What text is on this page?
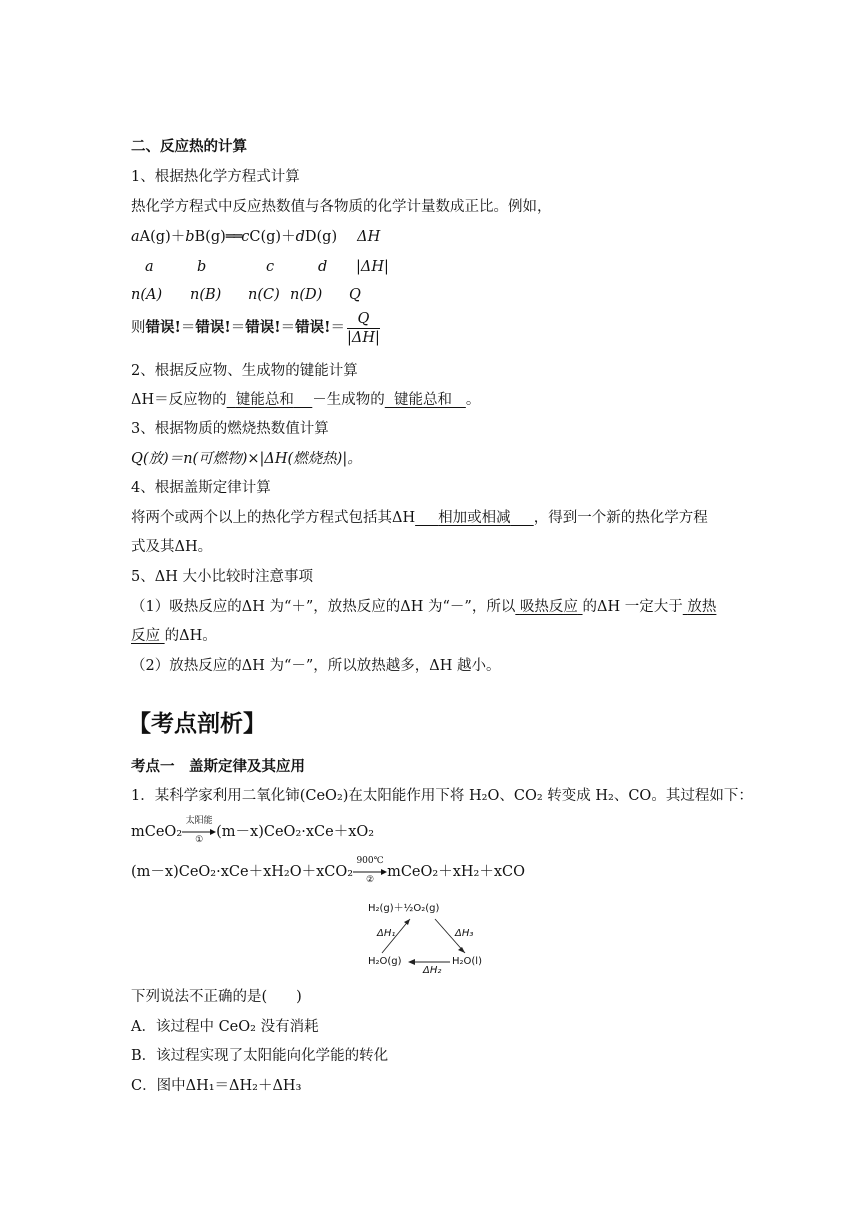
二、反应热的计算
1、根据热化学方程式计算
热化学方程式中反应热数值与各物质的化学计量数成正比。例如，
aA(g)＋bB(g)══cC(g)＋dD(g) ΔH
a	b	c	d |ΔH|
n(A) n(B) n(C) n(D) Q
则错误!＝错误!＝错误!＝错误!＝ $\frac{Q}{|\Delta H|}$
2、根据反应物、生成物的键能计算
ΔH＝反应物的 键能总和 －生成物的 键能总和 。
3、根据物质的燃烧热数值计算
Q(放)＝n(可燃物)×|ΔH(燃烧热)|。
4、根据盖斯定律计算
将两个或两个以上的热化学方程式包括其ΔH 相加或相减 ，得到一个新的热化学方程
式及其ΔH。
5、ΔH 大小比较时注意事项
（1）吸热反应的ΔH 为“＋”，放热反应的ΔH 为“－”，所以 吸热反应 的ΔH 一定大于 放热
反应 的ΔH。
（2）放热反应的ΔH 为“－”，所以放热越多，ΔH 越小。
【考点剖析】
考点一　盖斯定律及其应用
1．某科学家利用二氧化铈(CeO₂)在太阳能作用下将 H₂O、CO₂ 转变成 H₂、CO。其过程如下：
mCeO₂
太阳能
① (m－x)CeO₂·xCe＋xO₂
(m－x)CeO₂·xCe＋xH₂O＋xCO₂
900℃
② mCeO₂＋xH₂＋xCO
H₂(g)＋½O₂(g)
H₂O(g)	H₂O(l)
ΔH₁	ΔH₃
ΔH₂
下列说法不正确的是(　　)
A．该过程中 CeO₂ 没有消耗
B．该过程实现了太阳能向化学能的转化
C．图中ΔH₁＝ΔH₂＋ΔH₃
